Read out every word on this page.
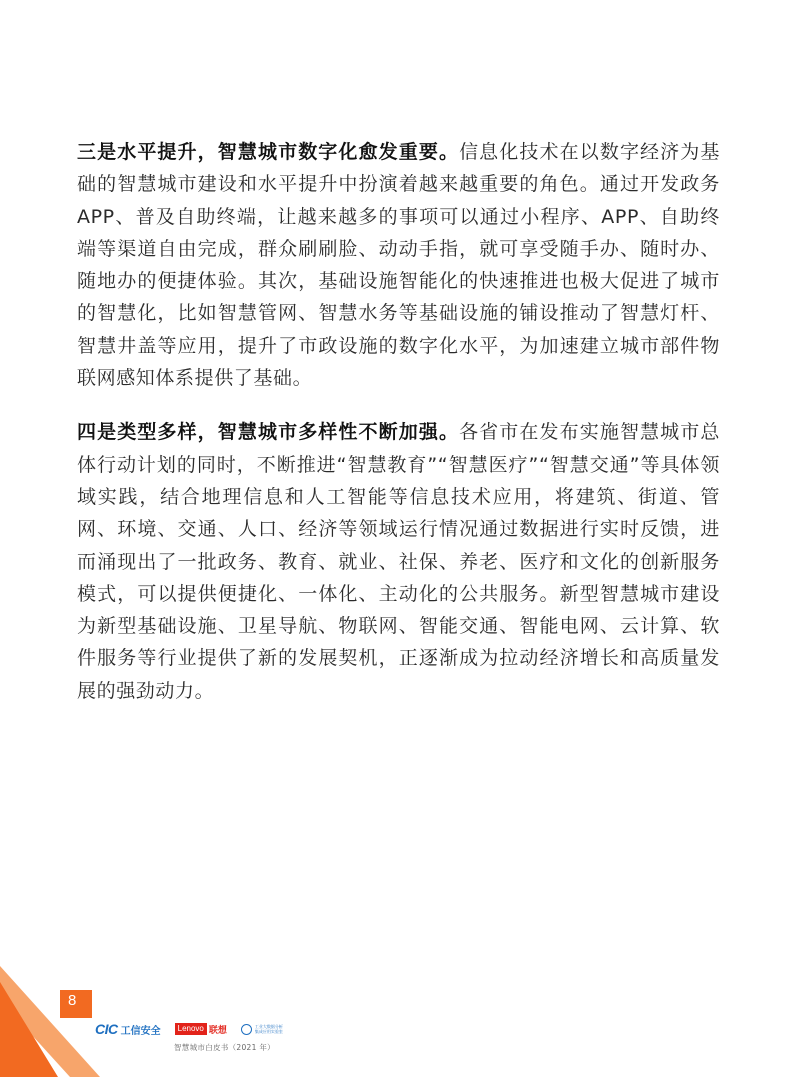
三是水平提升，智慧城市数字化愈发重要。信息化技术在以数字经济为基础的智慧城市建设和水平提升中扮演着越来越重要的角色。通过开发政务 APP、普及自助终端，让越来越多的事项可以通过小程序、APP、自助终端等渠道自由完成，群众刷刷脸、动动手指，就可享受随手办、随时办、随地办的便捷体验。其次，基础设施智能化的快速推进也极大促进了城市的智慧化，比如智慧管网、智慧水务等基础设施的铺设推动了智慧灯杆、智慧井盖等应用，提升了市政设施的数字化水平，为加速建立城市部件物联网感知体系提供了基础。

四是类型多样，智慧城市多样性不断加强。各省市在发布实施智慧城市总体行动计划的同时，不断推进“智慧教育”“智慧医疗”“智慧交通”等具体领域实践，结合地理信息和人工智能等信息技术应用，将建筑、街道、管网、环境、交通、人口、经济等领域运行情况通过数据进行实时反馈，进而涌现出了一批政务、教育、就业、社保、养老、医疗和文化的创新服务模式，可以提供便捷化、一体化、主动化的公共服务。新型智慧城市建设为新型基础设施、卫星导航、物联网、智能交通、智能电网、云计算、软件服务等行业提供了新的发展契机，正逐渐成为拉动经济增长和高质量发展的强劲动力。

8
CIC 工信安全	Lenovo 联想	工业大数据分析
集成应用实验室
智慧城市白皮书（2021 年）
